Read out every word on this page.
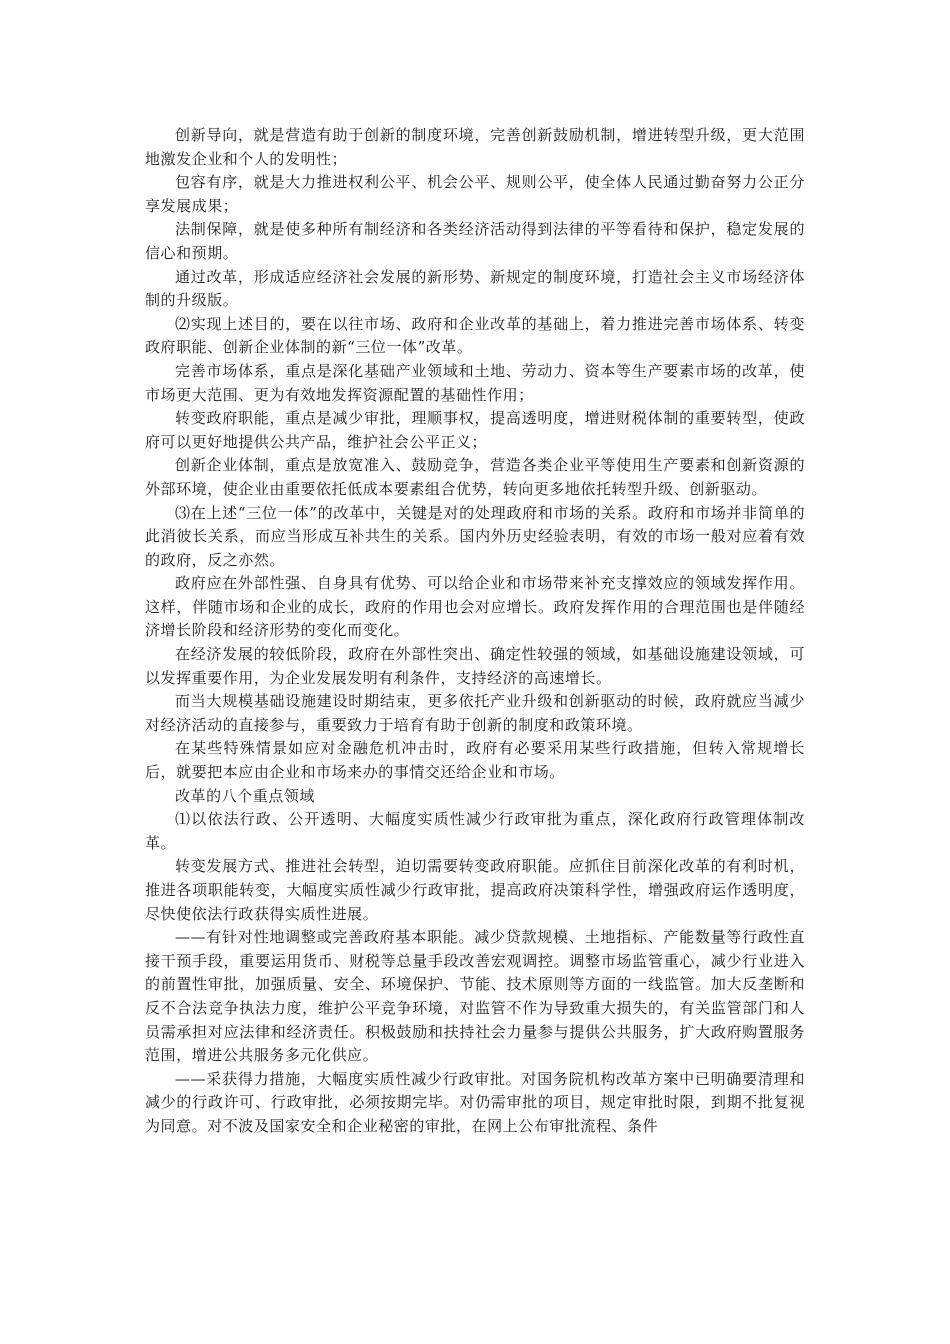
创新导向，就是营造有助于创新的制度环境，完善创新鼓励机制，增进转型升级，更大范围地激发企业和个人的发明性；

包容有序，就是大力推进权利公平、机会公平、规则公平，使全体人民通过勤奋努力公正分享发展成果；

法制保障，就是使多种所有制经济和各类经济活动得到法律的平等看待和保护，稳定发展的信心和预期。

通过改革，形成适应经济社会发展的新形势、新规定的制度环境，打造社会主义市场经济体制的升级版。

⑵实现上述目的，要在以往市场、政府和企业改革的基础上，着力推进完善市场体系、转变政府职能、创新企业体制的新“三位一体”改革。

完善市场体系，重点是深化基础产业领域和土地、劳动力、资本等生产要素市场的改革，使市场更大范围、更为有效地发挥资源配置的基础性作用；

转变政府职能，重点是减少审批，理顺事权，提高透明度，增进财税体制的重要转型，使政府可以更好地提供公共产品，维护社会公平正义；

创新企业体制，重点是放宽准入、鼓励竞争，营造各类企业平等使用生产要素和创新资源的外部环境，使企业由重要依托低成本要素组合优势，转向更多地依托转型升级、创新驱动。

⑶在上述“三位一体”的改革中，关键是对的处理政府和市场的关系。政府和市场并非简单的此消彼长关系，而应当形成互补共生的关系。国内外历史经验表明，有效的市场一般对应着有效的政府，反之亦然。

政府应在外部性强、自身具有优势、可以给企业和市场带来补充支撑效应的领域发挥作用。这样，伴随市场和企业的成长，政府的作用也会对应增长。政府发挥作用的合理范围也是伴随经济增长阶段和经济形势的变化而变化。

在经济发展的较低阶段，政府在外部性突出、确定性较强的领域，如基础设施建设领域，可以发挥重要作用，为企业发展发明有利条件，支持经济的高速增长。

而当大规模基础设施建设时期结束，更多依托产业升级和创新驱动的时候，政府就应当减少对经济活动的直接参与，重要致力于培育有助于创新的制度和政策环境。

在某些特殊情景如应对金融危机冲击时，政府有必要采用某些行政措施，但转入常规增长后，就要把本应由企业和市场来办的事情交还给企业和市场。

改革的八个重点领域

⑴以依法行政、公开透明、大幅度实质性减少行政审批为重点，深化政府行政管理体制改革。

转变发展方式、推进社会转型，迫切需要转变政府职能。应抓住目前深化改革的有利时机，推进各项职能转变，大幅度实质性减少行政审批，提高政府决策科学性，增强政府运作透明度，尽快使依法行政获得实质性进展。

——有针对性地调整或完善政府基本职能。减少贷款规模、土地指标、产能数量等行政性直接干预手段，重要运用货币、财税等总量手段改善宏观调控。调整市场监管重心，减少行业进入的前置性审批，加强质量、安全、环境保护、节能、技术原则等方面的一线监管。加大反垄断和反不合法竞争执法力度，维护公平竞争环境，对监管不作为导致重大损失的，有关监管部门和人员需承担对应法律和经济责任。积极鼓励和扶持社会力量参与提供公共服务，扩大政府购置服务范围，增进公共服务多元化供应。

——采获得力措施，大幅度实质性减少行政审批。对国务院机构改革方案中已明确要清理和减少的行政许可、行政审批，必须按期完毕。对仍需审批的项目，规定审批时限，到期不批复视为同意。对不波及国家安全和企业秘密的审批，在网上公布审批流程、条件
